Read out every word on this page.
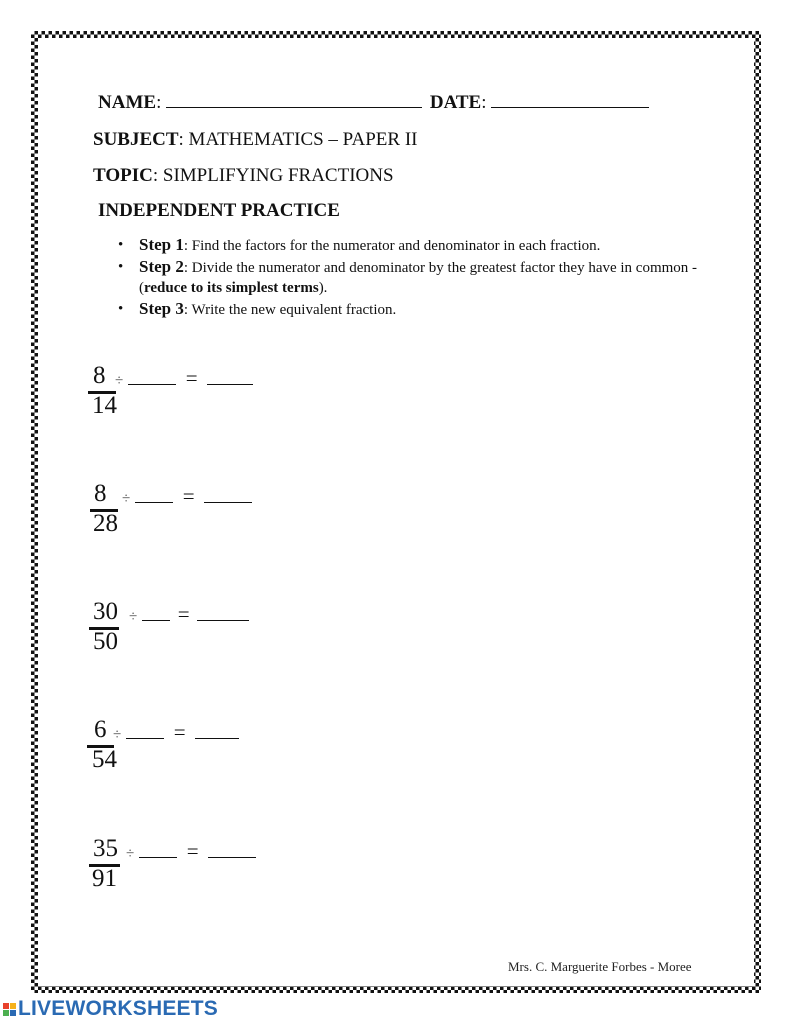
NAME:	DATE:
SUBJECT: MATHEMATICS – PAPER II
TOPIC: SIMPLIFYING FRACTIONS
INDEPENDENT PRACTICE
• Step 1: Find the factors for the numerator and denominator in each fraction.
• Step 2: Divide the numerator and denominator by the greatest factor they have in common - (reduce to its simplest terms).
• Step 3: Write the new equivalent fraction.
8
14
÷	=
8
28
÷	=
30
50
÷ =
6
54
÷	=
35
91
÷	=
Mrs. C. Marguerite Forbes - Moree
LIVEWORKSHEETS
